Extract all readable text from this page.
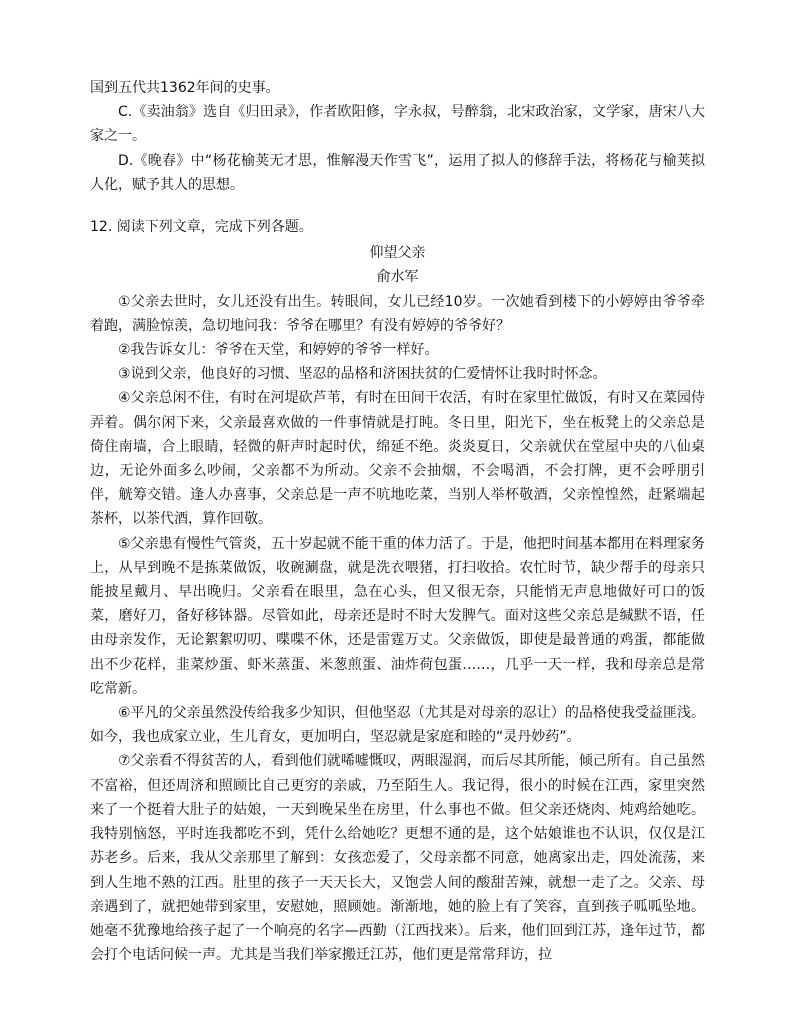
国到五代共1362年间的史事。

C.《卖油翁》选自《归田录》，作者欧阳修，字永叔，号醉翁，北宋政治家，文学家，唐宋八大家之一。

D.《晚春》中“杨花榆荚无才思，惟解漫天作雪飞”，运用了拟人的修辞手法，将杨花与榆荚拟人化，赋予其人的思想。

12. 阅读下列文章，完成下列各题。

仰望父亲

俞水军

①父亲去世时，女儿还没有出生。转眼间，女儿已经10岁。一次她看到楼下的小婷婷由爷爷牵着跑，满脸惊羡，急切地问我：爷爷在哪里？有没有婷婷的爷爷好？

②我告诉女儿：爷爷在天堂，和婷婷的爷爷一样好。

③说到父亲，他良好的习惯、坚忍的品格和济困扶贫的仁爱情怀让我时时怀念。

④父亲总闲不住，有时在河堤砍芦苇，有时在田间干农活，有时在家里忙做饭，有时又在菜园侍弄着。偶尔闲下来，父亲最喜欢做的一件事情就是打盹。冬日里，阳光下，坐在板凳上的父亲总是倚住南墙，合上眼睛，轻微的鼾声时起时伏，绵延不绝。炎炎夏日，父亲就伏在堂屋中央的八仙桌边，无论外面多么吵闹，父亲都不为所动。父亲不会抽烟，不会喝酒，不会打牌，更不会呼朋引伴，觥筹交错。逢人办喜事，父亲总是一声不吭地吃菜，当别人举杯敬酒，父亲惶惶然，赶紧端起茶杯，以茶代酒，算作回敬。

⑤父亲患有慢性气管炎，五十岁起就不能干重的体力活了。于是，他把时间基本都用在料理家务上，从早到晚不是拣菜做饭，收碗涮盘，就是洗衣喂猪，打扫收拾。农忙时节，缺少帮手的母亲只能披星戴月、早出晚归。父亲看在眼里，急在心头，但又很无奈，只能悄无声息地做好可口的饭菜，磨好刀，备好移钵器。尽管如此，母亲还是时不时大发脾气。面对这些父亲总是缄默不语，任由母亲发作，无论絮絮叨叨、喋喋不休，还是雷霆万丈。父亲做饭，即使是最普通的鸡蛋，都能做出不少花样，韭菜炒蛋、虾米蒸蛋、米葱煎蛋、油炸荷包蛋……，几乎一天一样，我和母亲总是常吃常新。

⑥平凡的父亲虽然没传给我多少知识，但他坚忍（尤其是对母亲的忍让）的品格使我受益匪浅。如今，我也成家立业，生儿育女，更加明白，坚忍就是家庭和睦的“灵丹妙药”。

⑦父亲看不得贫苦的人，看到他们就唏嘘慨叹，两眼湿润，而后尽其所能，倾己所有。自己虽然不富裕，但还周济和照顾比自己更穷的亲戚，乃至陌生人。我记得，很小的时候在江西，家里突然来了一个挺着大肚子的姑娘，一天到晚呆坐在房里，什么事也不做。但父亲还烧肉、炖鸡给她吃。我特别恼怒，平时连我都吃不到，凭什么给她吃？更想不通的是，这个姑娘谁也不认识，仅仅是江苏老乡。后来，我从父亲那里了解到：女孩恋爱了，父母亲都不同意，她离家出走，四处流荡，来到人生地不熟的江西。肚里的孩子一天天长大，又饱尝人间的酸甜苦辣，就想一走了之。父亲、母亲遇到了，就把她带到家里，安慰她，照顾她。渐渐地，她的脸上有了笑容，直到孩子呱呱坠地。她毫不犹豫地给孩子起了一个响亮的名字—西勤（江西找来）。后来，他们回到江苏，逢年过节，都会打个电话问候一声。尤其是当我们举家搬迁江苏，他们更是常常拜访，拉
